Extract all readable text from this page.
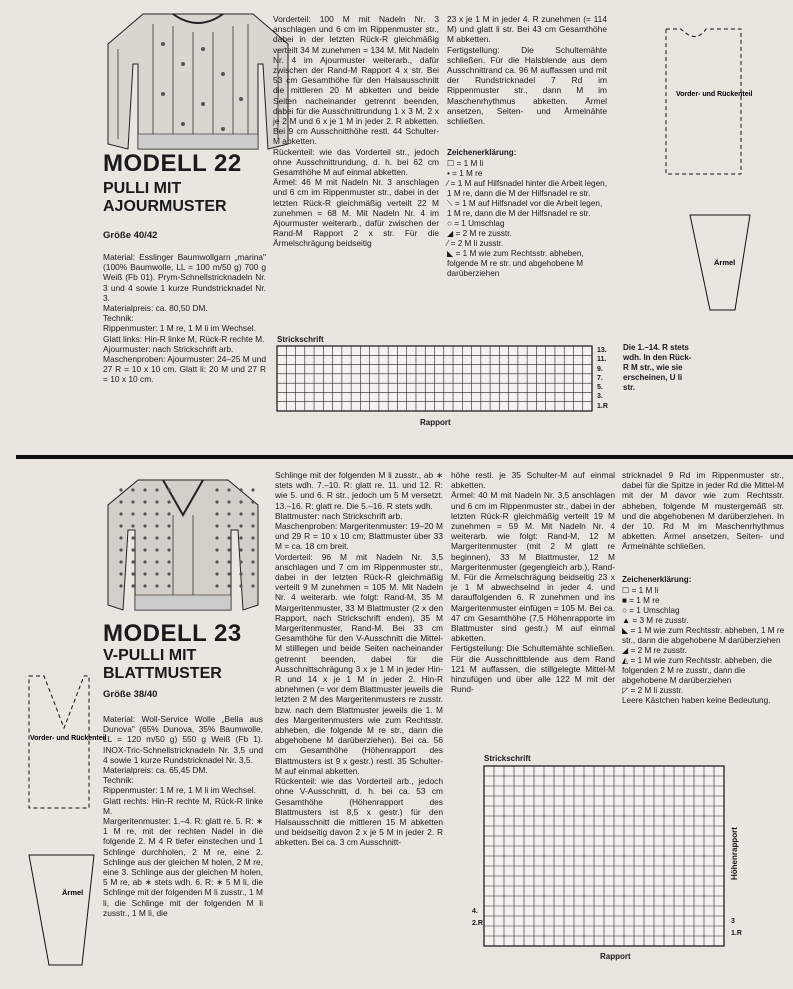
MODELL 22
PULLI MIT
AJOURMUSTER
Größe 40/42
Material: Esslinger Baumwollgarn „marina" (100% Baumwolle, LL = 100 m/50 g) 700 g Weiß (Fb 01). Prym-Schnellstricknadeln Nr. 3 und 4 sowie 1 kurze Rundstricknadel Nr. 3.
Materialpreis: ca. 80,50 DM.
Technik:
Rippenmuster: 1 M re, 1 M li im Wechsel.
Glatt links: Hin-R linke M, Rück-R rechte M.
Ajourmuster: nach Strickschrift arb.
Maschenproben: Ajourmuster: 24–25 M und 27 R = 10 x 10 cm. Glatt li: 20 M und 27 R = 10 x 10 cm.
Vorderteil: 100 M mit Nadeln Nr. 3 anschlagen und 6 cm im Rippenmuster str., dabei in der letzten Rück-R gleichmäßig verteilt 34 M zunehmen = 134 M. Mit Nadeln Nr. 4 im Ajourmuster weiterarb., dafür zwischen der Rand-M Rapport 4 x str. Bei 53 cm Gesamthöhe für den Halsausschnitt die mittleren 20 M abketten und beide Seiten nacheinander getrennt beenden, dabei für die Ausschnittrundung 1 x 3 M, 2 x je 2 M und 6 x je 1 M in jeder 2. R abketten. Bei 9 cm Ausschnitthöhe restl. 44 Schulter-M abketten.
Rückenteil: wie das Vorderteil str., jedoch ohne Ausschnittrundung, d. h. bei 62 cm Gesamthöhe M auf einmal abketten.
Ärmel: 46 M mit Nadeln Nr. 3 anschlagen und 6 cm im Rippenmuster str., dabei in der letzten Rück-R gleichmäßig verteilt 22 M zunehmen = 68 M. Mit Nadeln Nr. 4 im Ajourmuster weiterarb., dafür zwischen der Rand-M Rapport 2 x str. Für die Ärmelschrägung beidseitig
23 x je 1 M in jeder 4. R zunehmen (= 114 M) und glatt li str. Bei 43 cm Gesamthöhe M abketten.
Fertigstellung: Die Schulternähte schließen. Für die Halsblende aus dem Ausschnittrand ca. 96 M auffassen und mit der Rundstricknadel 7 Rd im Rippenmuster str., dann M im Maschenrhythmus abketten. Ärmel ansetzen, Seiten- und Ärmelnähte schließen.
Zeichenerklärung:
☐ = 1 M li
• = 1 M re
⁄ = 1 M auf Hilfsnadel hinter die Arbeit legen, 1 M re, dann die M der Hilfsnadel re str.
⟍ = 1 M auf Hilfsnadel vor die Arbeit legen, 1 M re, dann die M der Hilfsnadel re str.
○ = 1 Umschlag
◢ = 2 M re zusstr.
⁄ = 2 M li zusstr.
◣ = 1 M wie zum Rechtsstr. abheben, folgende M re str. und abgehobene M darüberziehen
Strickschrift
13.
11.
9.
7.
5.
3.
1.R
Rapport
Die 1.–14. R stets wdh. In den Rück-R M str., wie sie erscheinen, U li str.
Vorder- und Rückenteil
Ärmel
MODELL 23
V-PULLI MIT
BLATTMUSTER
Größe 38/40
Material: Woll-Service Wolle „Bella aus Dunova" (65% Dunova, 35% Baumwolle, LL = 120 m/50 g) 550 g Weiß (Fb 1). INOX-Tric-Schnellstricknadeln Nr. 3,5 und 4 sowie 1 kurze Rundstricknadel Nr. 3,5.
Materialpreis: ca. 65,45 DM.
Technik:
Rippenmuster: 1 M re, 1 M li im Wechsel.
Glatt rechts: Hin-R rechte M, Rück-R linke M.
Margeritenmuster: 1.–4. R: glatt re. 5. R: ∗ 1 M re, mit der rechten Nadel in die folgende 2. M 4 R tiefer einstechen und 1 Schlinge durchholen, 2 M re, eine 2. Schlinge aus der gleichen M holen, 2 M re, eine 3. Schlinge aus der gleichen M holen, 5 M re, ab ∗ stets wdh. 6. R: ∗ 5 M li, die Schlinge mit der folgenden M li zusstr., 1 M li, die Schlinge mit der folgenden M li zusstr., 1 M li, die
Schlinge mit der folgenden M li zusstr., ab ∗ stets wdh. 7.–10. R: glatt re. 11. und 12. R: wie 5. und 6. R str., jedoch um 5 M versetzt. 13.–16. R: glatt re. Die 5.–16. R stets wdh.
Blattmuster: nach Strickschrift arb.
Maschenproben: Margeritenmuster: 19–20 M und 29 R = 10 x 10 cm; Blattmuster über 33 M = ca. 18 cm breit.
Vorderteil: 96 M mit Nadeln Nr. 3,5 anschlagen und 7 cm im Rippenmuster str., dabei in der letzten Rück-R gleichmäßig verteilt 9 M zunehmen = 105 M. Mit Nadeln Nr. 4 weiterarb. wie folgt: Rand-M, 35 M Margeritenmuster, 33 M Blattmuster (2 x den Rapport, nach Strickschrift enden), 35 M Margeritenmuster, Rand-M. Bei 33 cm Gesamthöhe für den V-Ausschnitt die Mittel-M stilllegen und beide Seiten nacheinander getrennt beenden, dabei für die Ausschnittschrägung 3 x je 1 M in jeder Hin-R und 14 x je 1 M in jeder 2. Hin-R abnehmen (= vor dem Blattmuster jeweils die letzten 2 M des Margeritenmusters re zusstr. bzw. nach dem Blattmuster jeweils die 1. M des Margeritenmusters wie zum Rechtsstr. abheben, die folgende M re str., dann die abgehobene M darüberziehen). Bei ca. 56 cm Gesamthöhe (Höhenrapport des Blattmusters ist 9 x gestr.) restl. 35 Schulter-M auf einmal abketten.
Rückenteil: wie das Vorderteil arb., jedoch ohne V-Ausschnitt, d. h. bei ca. 53 cm Gesamthöhe (Höhenrapport des Blattmusters ist 8,5 x gestr.) für den Halsausschnitt die mittleren 15 M abketten und beidseitig davon 2 x je 5 M in jeder 2. R abketten. Bei ca. 3 cm Ausschnitt-
höhe restl. je 35 Schulter-M auf einmal abketten.
Ärmel: 40 M mit Nadeln Nr. 3,5 anschlagen und 6 cm im Rippenmuster str., dabei in der letzten Rück-R gleichmäßig verteilt 19 M zunehmen = 59 M. Mit Nadeln Nr. 4 weiterarb. wie folgt: Rand-M, 12 M Margeritenmuster (mit 2 M glatt re beginnen), 33 M Blattmuster, 12 M Margeritenmuster (gegengleich arb.), Rand-M. Für die Ärmelschrägung beidseitig 23 x je 1 M abwechselnd in jeder 4. und darauffolgenden 6. R zunehmen und ins Margeritenmuster einfügen = 105 M. Bei ca. 47 cm Gesamthöhe (7,5 Höhenrapporte im Blattmuster sind gestr.) M auf einmal abketten.
Fertigstellung: Die Schulternähte schließen. Für die Ausschnittblende aus dem Rand 121 M auffassen, die stillgelegte Mittel-M hinzufügen und über alle 122 M mit der Rund-
stricknadel 9 Rd im Rippenmuster str., dabei für die Spitze in jeder Rd die Mittel-M mit der M davor wie zum Rechtsstr. abheben, folgende M mustergemäß str. und die abgehobenen M darüberziehen. In der 10. Rd M im Maschenrhythmus abketten. Ärmel ansetzen, Seiten- und Ärmelnähte schließen.
Zeichenerklärung:
☐ = 1 M li
■ = 1 M re
○ = 1 Umschlag
▲ = 3 M re zusstr.
◣ = 1 M wie zum Rechtsstr. abheben, 1 M re str., dann die abgehobene M darüberziehen
◢ = 2 M re zusstr.
◭ = 1 M wie zum Rechtsstr. abheben, die folgenden 2 M re zusstr., dann die abgehobene M darüberziehen
◸ = 2 M li zusstr.
Leere Kästchen haben keine Bedeutung.
Strickschrift
4.
2.R	3
1.R
Rapport
Höhenrapport
Vorder- und Rückenteil
Ärmel
